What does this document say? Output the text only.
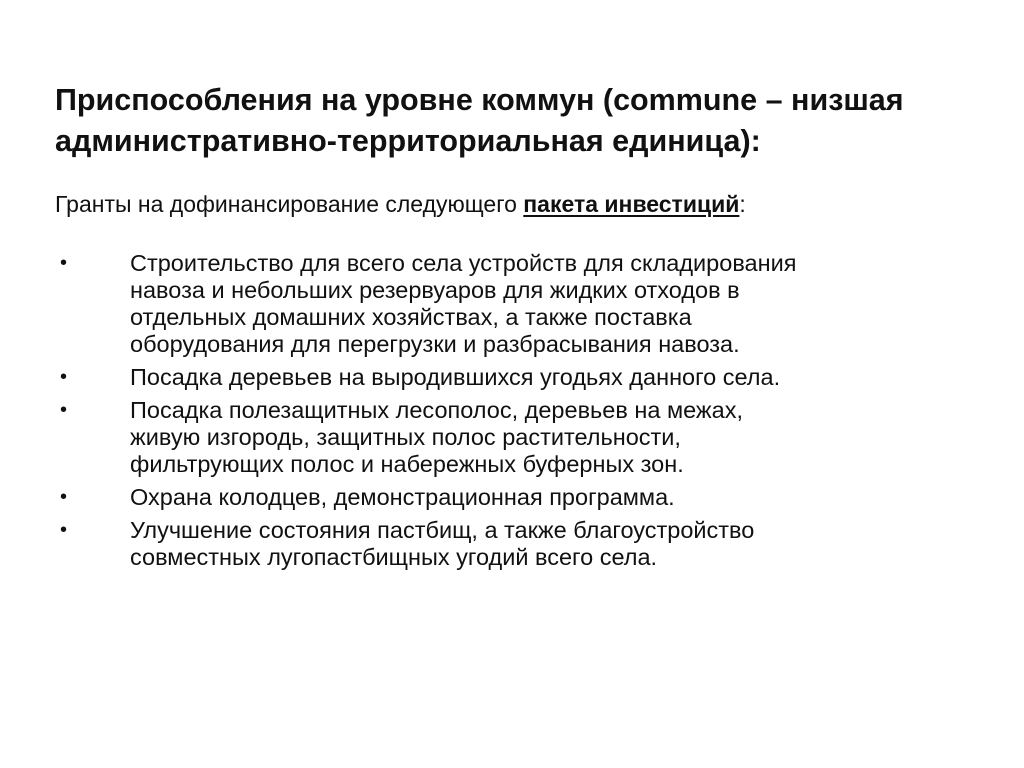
Приспособления на уровне коммун (commune – низшая
административно-территориальная единица):

Гранты на дофинансирование следующего пакета инвестиций:

•	Строительство для всего села устройств для складирования
навоза и небольших резервуаров для жидких отходов в
отдельных домашних хозяйствах, а также поставка
оборудования для перегрузки и разбрасывания навоза.
•	Посадка деревьев на выродившихся угодьях данного села.
•	Посадка полезащитных лесополос, деревьев на межах,
живую изгородь, защитных полос растительности,
фильтрующих полос и набережных буферных зон.
•	Охрана колодцев, демонстрационная программа.
•	Улучшение состояния пастбищ, а также благоустройство
совместных лугопастбищных угодий всего села.
